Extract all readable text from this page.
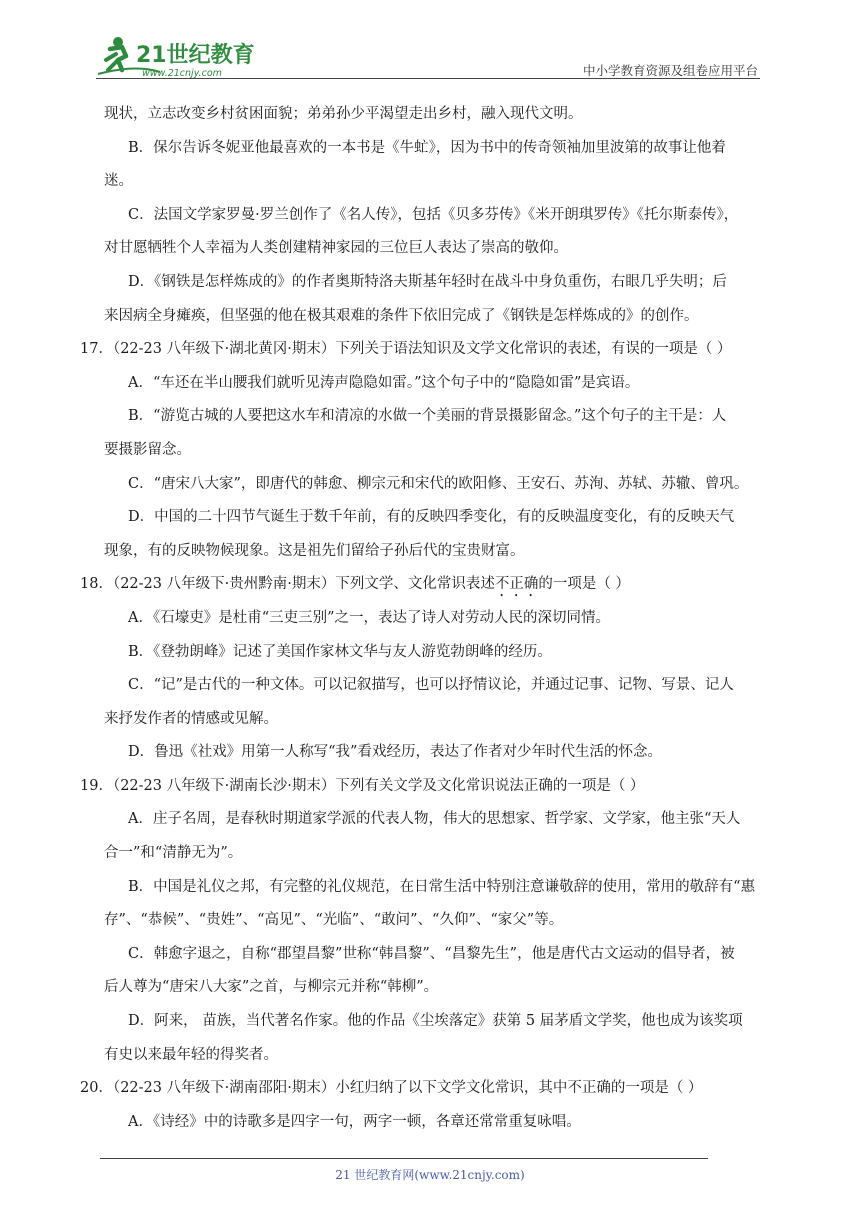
21世纪教育
www.21cnjy.com	中小学教育资源及组卷应用平台
现状，立志改变乡村贫困面貌；弟弟孙少平渴望走出乡村，融入现代文明。
B．保尔告诉冬妮亚他最喜欢的一本书是《牛虻》，因为书中的传奇领袖加里波第的故事让他着
迷。
C．法国文学家罗曼·罗兰创作了《名人传》，包括《贝多芬传》《米开朗琪罗传》《托尔斯泰传》，
对甘愿牺牲个人幸福为人类创建精神家园的三位巨人表达了崇高的敬仰。
D．《钢铁是怎样炼成的》的作者奥斯特洛夫斯基年轻时在战斗中身负重伤，右眼几乎失明；后
来因病全身瘫痪，但坚强的他在极其艰难的条件下依旧完成了《钢铁是怎样炼成的》的创作。
17．（22-23 八年级下·湖北黄冈·期末）下列关于语法知识及文学文化常识的表述，有误的一项是（ ）
A．“车还在半山腰我们就听见涛声隐隐如雷。”这个句子中的“隐隐如雷”是宾语。
B．“游览古城的人要把这水车和清凉的水做一个美丽的背景摄影留念。”这个句子的主干是：人
要摄影留念。
C．“唐宋八大家”，即唐代的韩愈、柳宗元和宋代的欧阳修、王安石、苏洵、苏轼、苏辙、曾巩。
D．中国的二十四节气诞生于数千年前，有的反映四季变化，有的反映温度变化，有的反映天气
现象，有的反映物候现象。这是祖先们留给子孙后代的宝贵财富。
18．（22-23 八年级下·贵州黔南·期末）下列文学、文化常识表述不正确的一项是（ ）
A．《石壕吏》是杜甫“三吏三别”之一，表达了诗人对劳动人民的深切同情。
B．《登勃朗峰》记述了美国作家林文华与友人游览勃朗峰的经历。
C．“记”是古代的一种文体。可以记叙描写，也可以抒情议论，并通过记事、记物、写景、记人
来抒发作者的情感或见解。
D．鲁迅《社戏》用第一人称写“我”看戏经历，表达了作者对少年时代生活的怀念。
19．（22-23 八年级下·湖南长沙·期末）下列有关文学及文化常识说法正确的一项是（ ）
A．庄子名周，是春秋时期道家学派的代表人物，伟大的思想家、哲学家、文学家，他主张“天人
合一”和“清静无为”。
B．中国是礼仪之邦，有完整的礼仪规范，在日常生活中特别注意谦敬辞的使用，常用的敬辞有“惠
存”、“恭候”、“贵姓”、“高见”、“光临”、“敢问”、“久仰”、“家父”等。
C．韩愈字退之，自称“郡望昌黎”世称“韩昌黎”、“昌黎先生”，他是唐代古文运动的倡导者，被
后人尊为“唐宋八大家”之首，与柳宗元并称“韩柳”。
D．阿来， 苗族，当代著名作家。他的作品《尘埃落定》获第 5 届茅盾文学奖，他也成为该奖项
有史以来最年轻的得奖者。
20．（22-23 八年级下·湖南邵阳·期末）小红归纳了以下文学文化常识，其中不正确的一项是（ ）
A．《诗经》中的诗歌多是四字一句，两字一顿，各章还常常重复咏唱。
21 世纪教育网(www.21cnjy.com)
